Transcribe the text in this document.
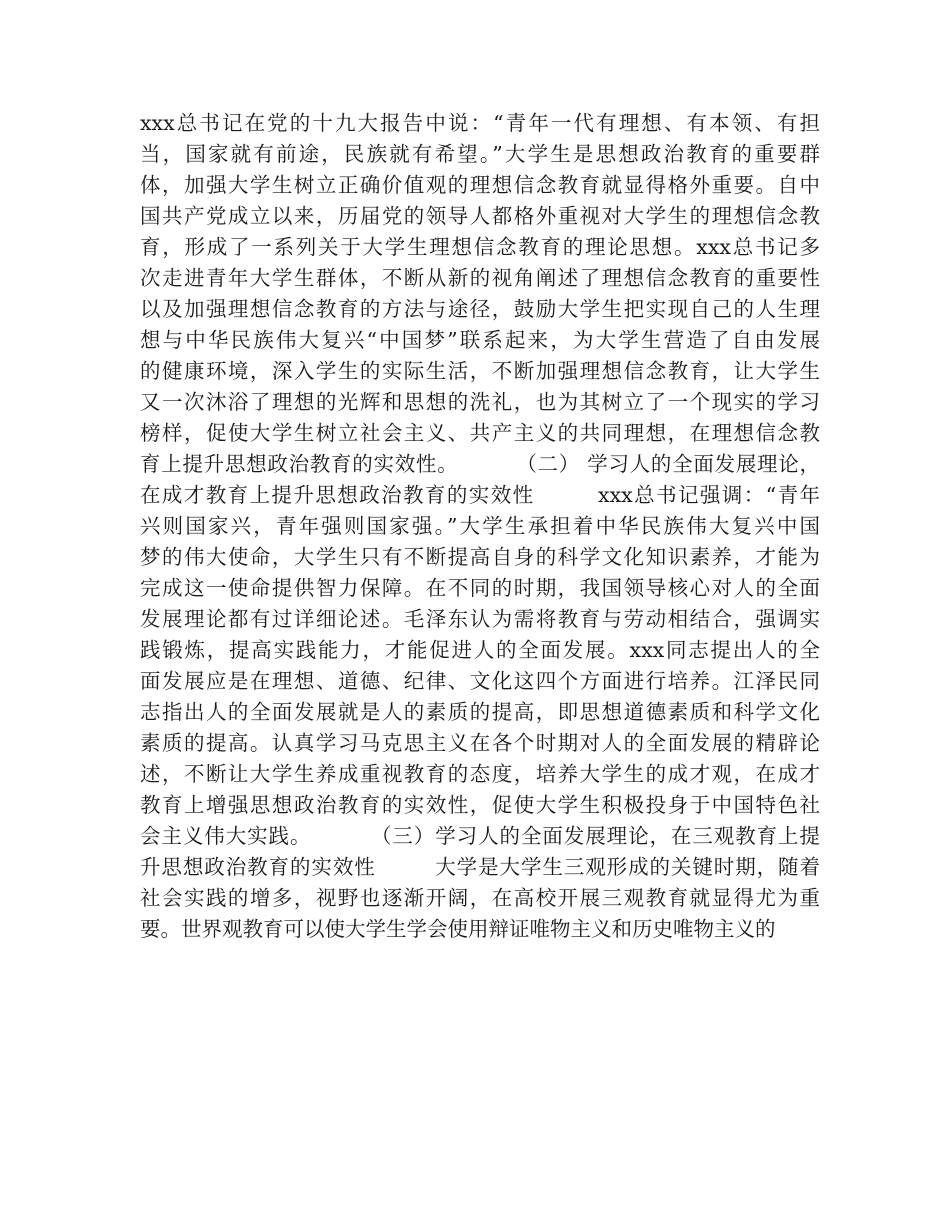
xxx总书记在党的十九大报告中说：“青年一代有理想、有本领、有担
当，国家就有前途，民族就有希望。”大学生是思想政治教育的重要群
体，加强大学生树立正确价值观的理想信念教育就显得格外重要。自中
国共产党成立以来，历届党的领导人都格外重视对大学生的理想信念教
育，形成了一系列关于大学生理想信念教育的理论思想。xxx总书记多
次走进青年大学生群体，不断从新的视角阐述了理想信念教育的重要性
以及加强理想信念教育的方法与途径，鼓励大学生把实现自己的人生理
想与中华民族伟大复兴“中国梦”联系起来，为大学生营造了自由发展
的健康环境，深入学生的实际生活，不断加强理想信念教育，让大学生
又一次沐浴了理想的光辉和思想的洗礼，也为其树立了一个现实的学习
榜样，促使大学生树立社会主义、共产主义的共同理想，在理想信念教
育上提升思想政治教育的实效性。        （二） 学习人的全面发展理论，
在成才教育上提升思想政治教育的实效性        xxx总书记强调：“青年
兴则国家兴，青年强则国家强。”大学生承担着中华民族伟大复兴中国
梦的伟大使命，大学生只有不断提高自身的科学文化知识素养，才能为
完成这一使命提供智力保障。在不同的时期，我国领导核心对人的全面
发展理论都有过详细论述。毛泽东认为需将教育与劳动相结合，强调实
践锻炼，提高实践能力，才能促进人的全面发展。xxx同志提出人的全
面发展应是在理想、道德、纪律、文化这四个方面进行培养。江泽民同
志指出人的全面发展就是人的素质的提高，即思想道德素质和科学文化
素质的提高。认真学习马克思主义在各个时期对人的全面发展的精辟论
述，不断让大学生养成重视教育的态度，培养大学生的成才观，在成才
教育上增强思想政治教育的实效性，促使大学生积极投身于中国特色社
会主义伟大实践。        （三）学习人的全面发展理论，在三观教育上提
升思想政治教育的实效性        大学是大学生三观形成的关键时期，随着
社会实践的增多，视野也逐渐开阔，在高校开展三观教育就显得尤为重
要。世界观教育可以使大学生学会使用辩证唯物主义和历史唯物主义的
